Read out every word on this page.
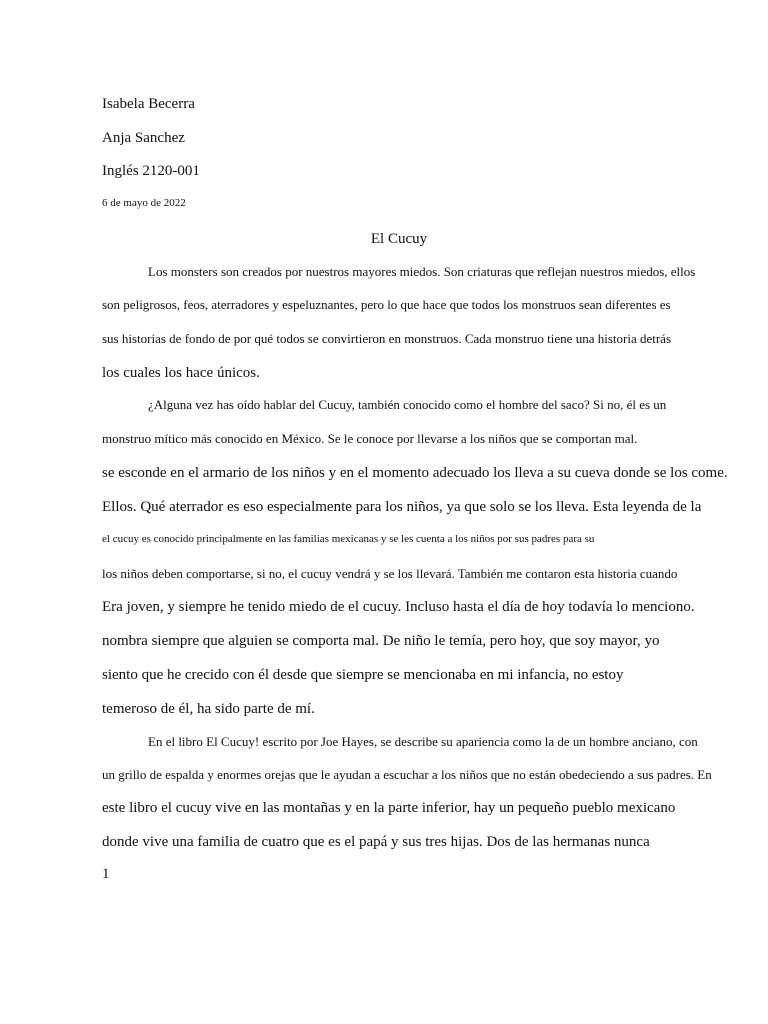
Isabela Becerra
Anja Sanchez
Inglés 2120-001
6 de mayo de 2022
El Cucuy
Los monsters son creados por nuestros mayores miedos. Son criaturas que reflejan nuestros miedos, ellos
son peligrosos, feos, aterradores y espeluznantes, pero lo que hace que todos los monstruos sean diferentes es
sus historias de fondo de por qué todos se convirtieron en monstruos. Cada monstruo tiene una historia detrás
los cuales los hace únicos.
¿Alguna vez has oído hablar del Cucuy, también conocido como el hombre del saco? Si no, él es un
monstruo mítico más conocido en México. Se le conoce por llevarse a los niños que se comportan mal.
se esconde en el armario de los niños y en el momento adecuado los lleva a su cueva donde se los come.
Ellos. Qué aterrador es eso especialmente para los niños, ya que solo se los lleva. Esta leyenda de la
el cucuy es conocido principalmente en las familias mexicanas y se les cuenta a los niños por sus padres para su
los niños deben comportarse, si no, el cucuy vendrá y se los llevará. También me contaron esta historia cuando
Era joven, y siempre he tenido miedo de el cucuy. Incluso hasta el día de hoy todavía lo menciono.
nombra siempre que alguien se comporta mal. De niño le temía, pero hoy, que soy mayor, yo
siento que he crecido con él desde que siempre se mencionaba en mi infancia, no estoy
temeroso de él, ha sido parte de mí.
En el libro El Cucuy! escrito por Joe Hayes, se describe su apariencia como la de un hombre anciano, con
un grillo de espalda y enormes orejas que le ayudan a escuchar a los niños que no están obedeciendo a sus padres. En
este libro el cucuy vive en las montañas y en la parte inferior, hay un pequeño pueblo mexicano
donde vive una familia de cuatro que es el papá y sus tres hijas. Dos de las hermanas nunca
1
